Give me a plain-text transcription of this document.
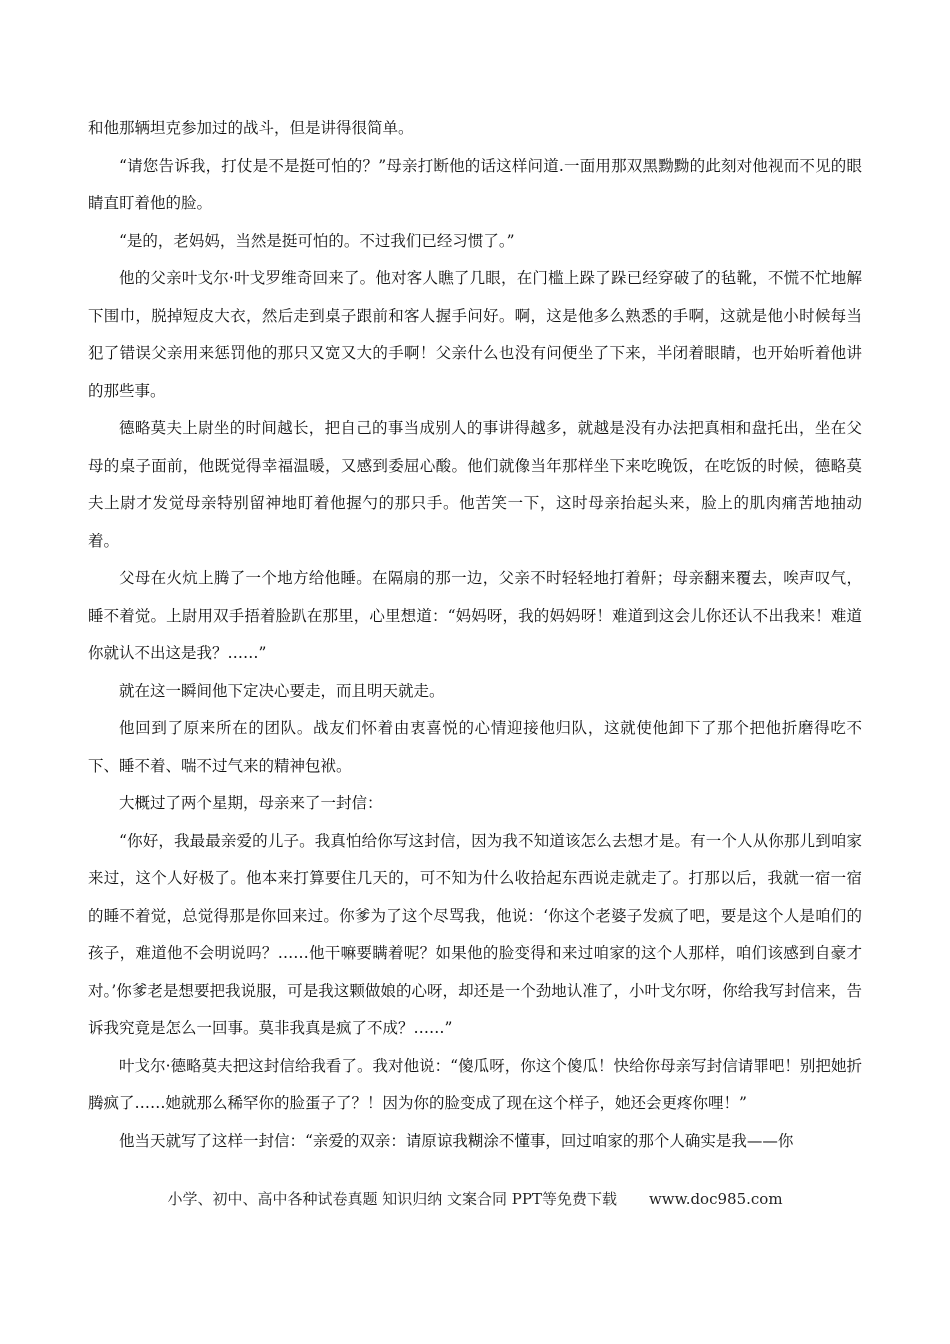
和他那辆坦克参加过的战斗，但是讲得很简单。

“请您告诉我，打仗是不是挺可怕的？”母亲打断他的话这样问道.一面用那双黑黝黝的此刻对他视而不见的眼睛直盯着他的脸。

“是的，老妈妈，当然是挺可怕的。不过我们已经习惯了。”

他的父亲叶戈尔·叶戈罗维奇回来了。他对客人瞧了几眼，在门槛上跺了跺已经穿破了的毡靴，不慌不忙地解下围巾，脱掉短皮大衣，然后走到桌子跟前和客人握手问好。啊，这是他多么熟悉的手啊，这就是他小时候每当犯了错误父亲用来惩罚他的那只又宽又大的手啊！父亲什么也没有问便坐了下来，半闭着眼睛，也开始听着他讲的那些事。

德略莫夫上尉坐的时间越长，把自己的事当成别人的事讲得越多，就越是没有办法把真相和盘托出，坐在父母的桌子面前，他既觉得幸福温暖，又感到委屈心酸。他们就像当年那样坐下来吃晚饭，在吃饭的时候，德略莫夫上尉才发觉母亲特别留神地盯着他握勺的那只手。他苦笑一下，这时母亲抬起头来，脸上的肌肉痛苦地抽动着。

父母在火炕上腾了一个地方给他睡。在隔扇的那一边，父亲不时轻轻地打着鼾；母亲翻来覆去，唉声叹气，睡不着觉。上尉用双手捂着脸趴在那里，心里想道：“妈妈呀，我的妈妈呀！难道到这会儿你还认不出我来！难道你就认不出这是我？……”

就在这一瞬间他下定决心要走，而且明天就走。

他回到了原来所在的团队。战友们怀着由衷喜悦的心情迎接他归队，这就使他卸下了那个把他折磨得吃不下、睡不着、喘不过气来的精神包袱。

大概过了两个星期，母亲来了一封信：

“你好，我最最亲爱的儿子。我真怕给你写这封信，因为我不知道该怎么去想才是。有一个人从你那儿到咱家来过，这个人好极了。他本来打算要住几天的，可不知为什么收拾起东西说走就走了。打那以后，我就一宿一宿的睡不着觉，总觉得那是你回来过。你爹为了这个尽骂我，他说：‘你这个老婆子发疯了吧，要是这个人是咱们的孩子，难道他不会明说吗？……他干嘛要瞒着呢？如果他的脸变得和来过咱家的这个人那样，咱们该感到自豪才对。’你爹老是想要把我说服，可是我这颗做娘的心呀，却还是一个劲地认准了，小叶戈尔呀，你给我写封信来，告诉我究竟是怎么一回事。莫非我真是疯了不成？……”

叶戈尔·德略莫夫把这封信给我看了。我对他说：“傻瓜呀，你这个傻瓜！快给你母亲写封信请罪吧！别把她折腾疯了……她就那么稀罕你的脸蛋子了？！因为你的脸变成了现在这个样子，她还会更疼你哩！”

他当天就写了这样一封信：“亲爱的双亲：请原谅我糊涂不懂事，回过咱家的那个人确实是我——你

小学、初中、高中各种试卷真题 知识归纳 文案合同 PPT等免费下载 www.doc985.com
